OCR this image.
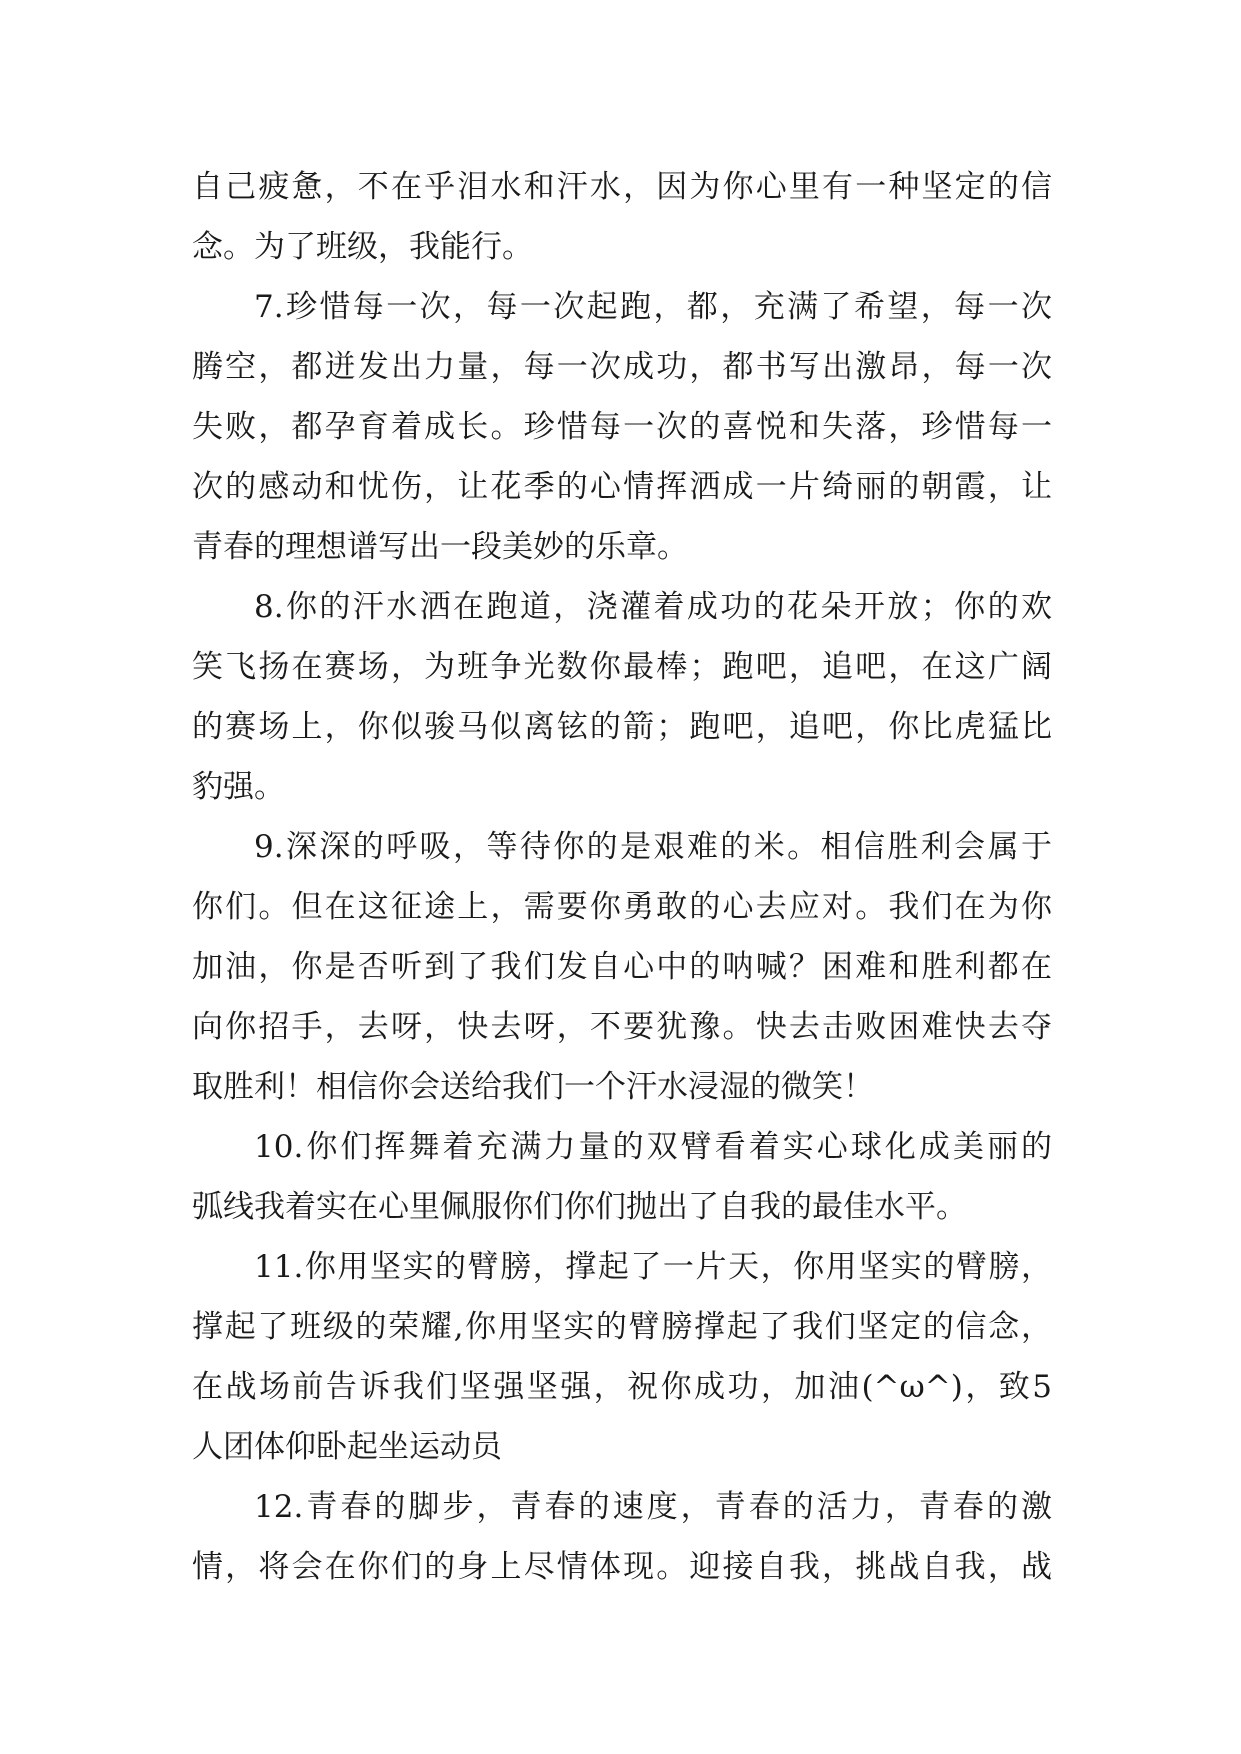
自己疲惫，不在乎泪水和汗水，因为你心里有一种坚定的信
念。为了班级，我能行。
7.珍惜每一次，每一次起跑，都，充满了希望，每一次
腾空，都迸发出力量，每一次成功，都书写出激昂，每一次
失败，都孕育着成长。珍惜每一次的喜悦和失落，珍惜每一
次的感动和忧伤，让花季的心情挥洒成一片绮丽的朝霞，让
青春的理想谱写出一段美妙的乐章。
8.你的汗水洒在跑道，浇灌着成功的花朵开放；你的欢
笑飞扬在赛场，为班争光数你最棒；跑吧，追吧，在这广阔
的赛场上，你似骏马似离铉的箭；跑吧，追吧，你比虎猛比
豹强。
9.深深的呼吸，等待你的是艰难的米。相信胜利会属于
你们。但在这征途上，需要你勇敢的心去应对。我们在为你
加油，你是否听到了我们发自心中的呐喊？困难和胜利都在
向你招手，去呀，快去呀，不要犹豫。快去击败困难快去夺
取胜利！相信你会送给我们一个汗水浸湿的微笑！
10.你们挥舞着充满力量的双臂看着实心球化成美丽的
弧线我着实在心里佩服你们你们抛出了自我的最佳水平。
11.你用坚实的臂膀，撑起了一片天，你用坚实的臂膀，
撑起了班级的荣耀,你用坚实的臂膀撑起了我们坚定的信念，
在战场前告诉我们坚强坚强，祝你成功，加油(^ω^)，致5
人团体仰卧起坐运动员
12.青春的脚步，青春的速度，青春的活力，青春的激
情，将会在你们的身上尽情体现。迎接自我，挑战自我，战
